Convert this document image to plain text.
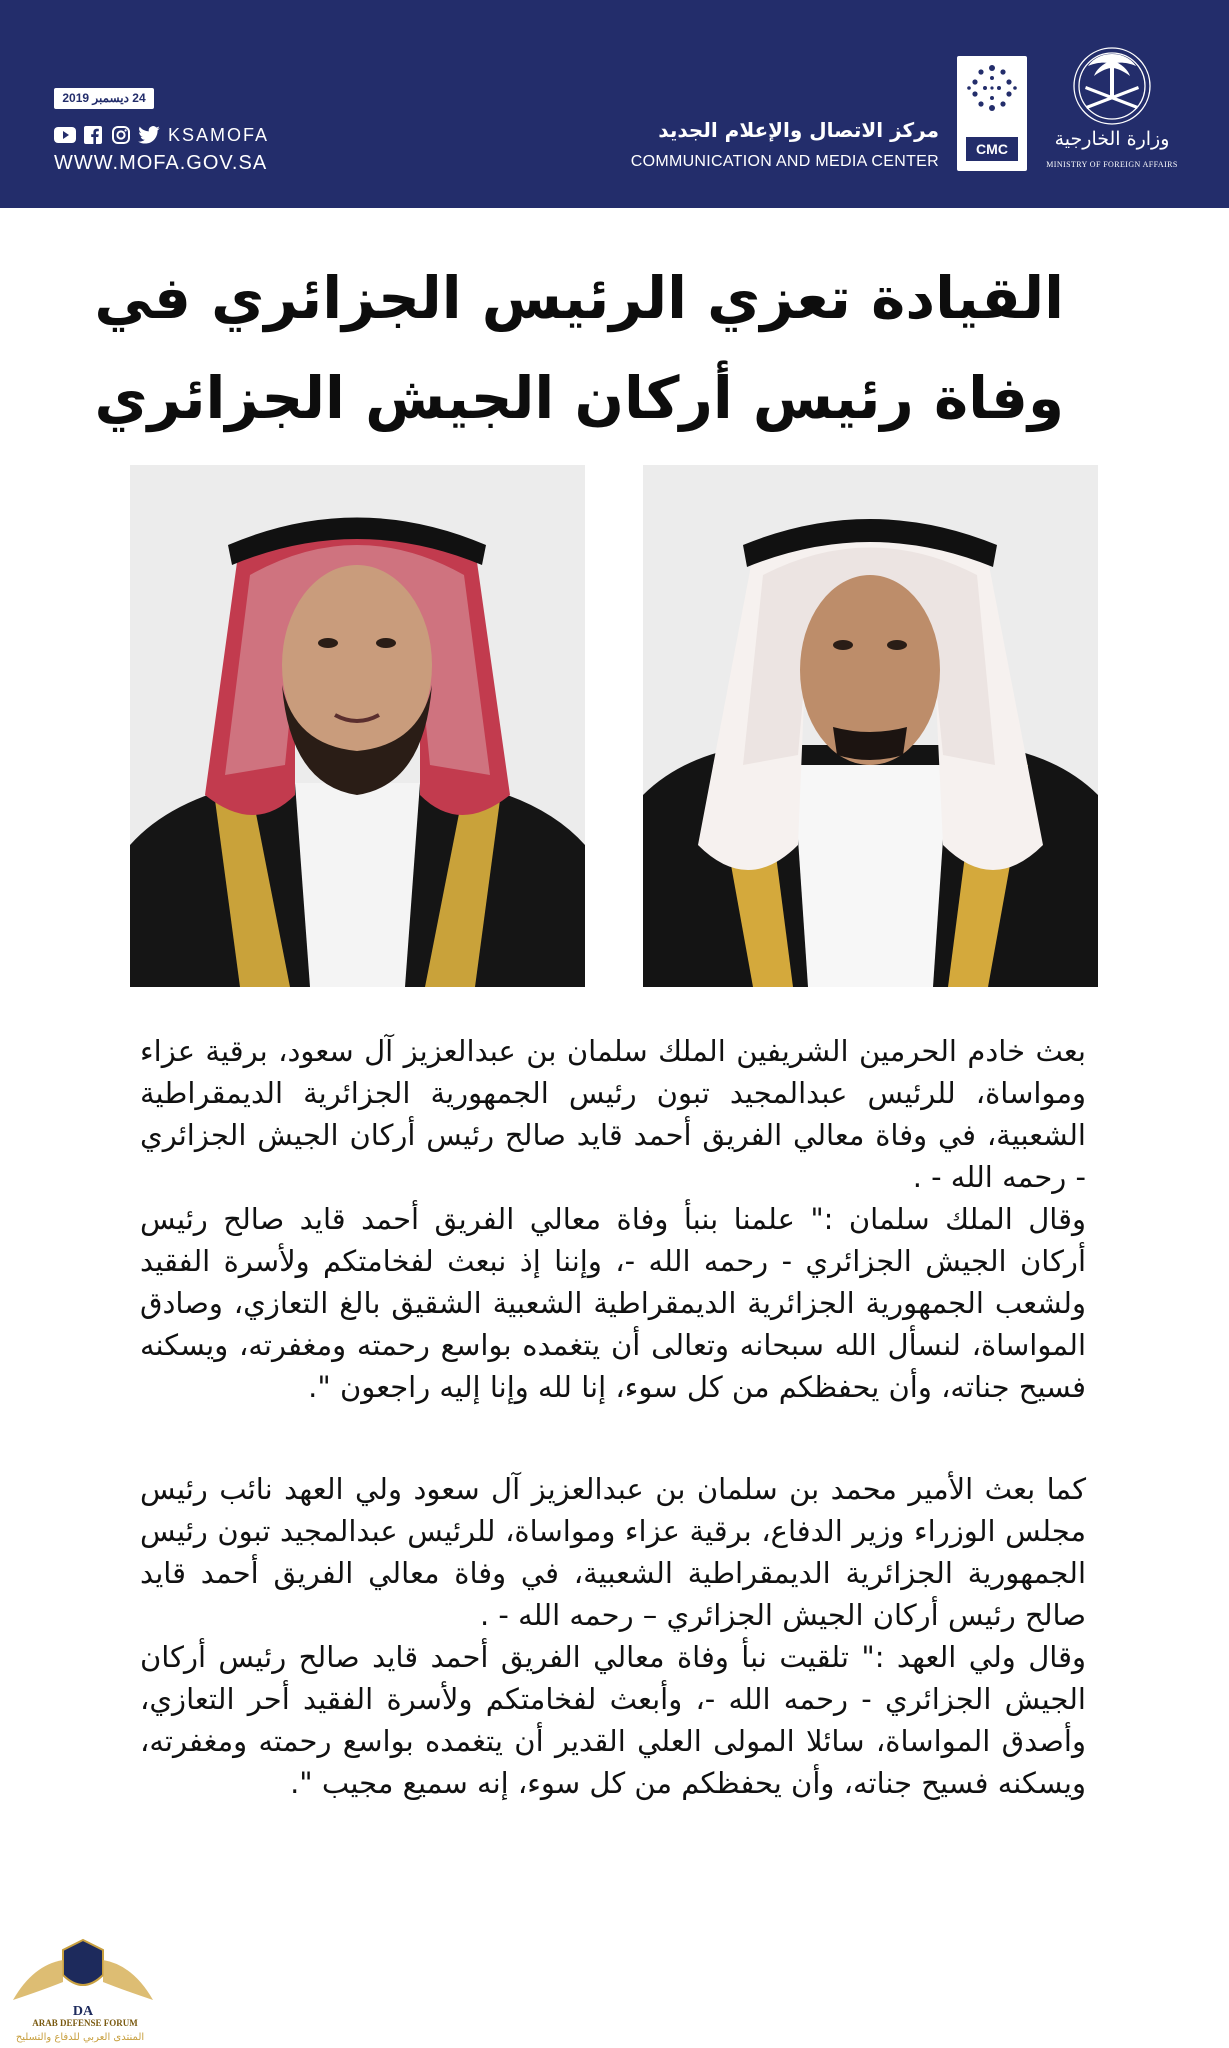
24 ديسمبر 2019
KSAMOFA
WWW.MOFA.GOV.SA
مركز الاتصال والإعلام الجديد
COMMUNICATION AND MEDIA CENTER
CMC	وزارة الخارجية
MINISTRY OF FOREIGN AFFAIRS
القيادة تعزي الرئيس الجزائري في
وفاة رئيس أركان الجيش الجزائري

بعث خادم الحرمين الشريفين الملك سلمان بن عبدالعزيز آل سعود، برقية عزاء ومواساة، للرئيس عبدالمجيد تبون رئيس الجمهورية الجزائرية الديمقراطية الشعبية، في وفاة معالي الفريق أحمد قايد صالح رئيس أركان الجيش الجزائري - رحمه الله - .

وقال الملك سلمان :" علمنا بنبأ وفاة معالي الفريق أحمد قايد صالح رئيس أركان الجيش الجزائري - رحمه الله -، وإننا إذ نبعث لفخامتكم ولأسرة الفقيد ولشعب الجمهورية الجزائرية الديمقراطية الشعبية الشقيق بالغ التعازي، وصادق المواساة، لنسأل الله سبحانه وتعالى أن يتغمده بواسع رحمته ومغفرته، ويسكنه فسيح جناته، وأن يحفظكم من كل سوء، إنا لله وإنا إليه راجعون ".

كما بعث الأمير محمد بن سلمان بن عبدالعزيز آل سعود ولي العهد نائب رئيس مجلس الوزراء وزير الدفاع، برقية عزاء ومواساة، للرئيس عبدالمجيد تبون رئيس الجمهورية الجزائرية الديمقراطية الشعبية، في وفاة معالي الفريق أحمد قايد صالح رئيس أركان الجيش الجزائري – رحمه الله - .

وقال ولي العهد :" تلقيت نبأ وفاة معالي الفريق أحمد قايد صالح رئيس أركان الجيش الجزائري - رحمه الله -، وأبعث لفخامتكم ولأسرة الفقيد أحر التعازي، وأصدق المواساة، سائلا المولى العلي القدير أن يتغمده بواسع رحمته ومغفرته، ويسكنه فسيح جناته، وأن يحفظكم من كل سوء، إنه سميع مجيب ".

DA
ARAB DEFENSE FORUM
المنتدى العربي للدفاع والتسليح
